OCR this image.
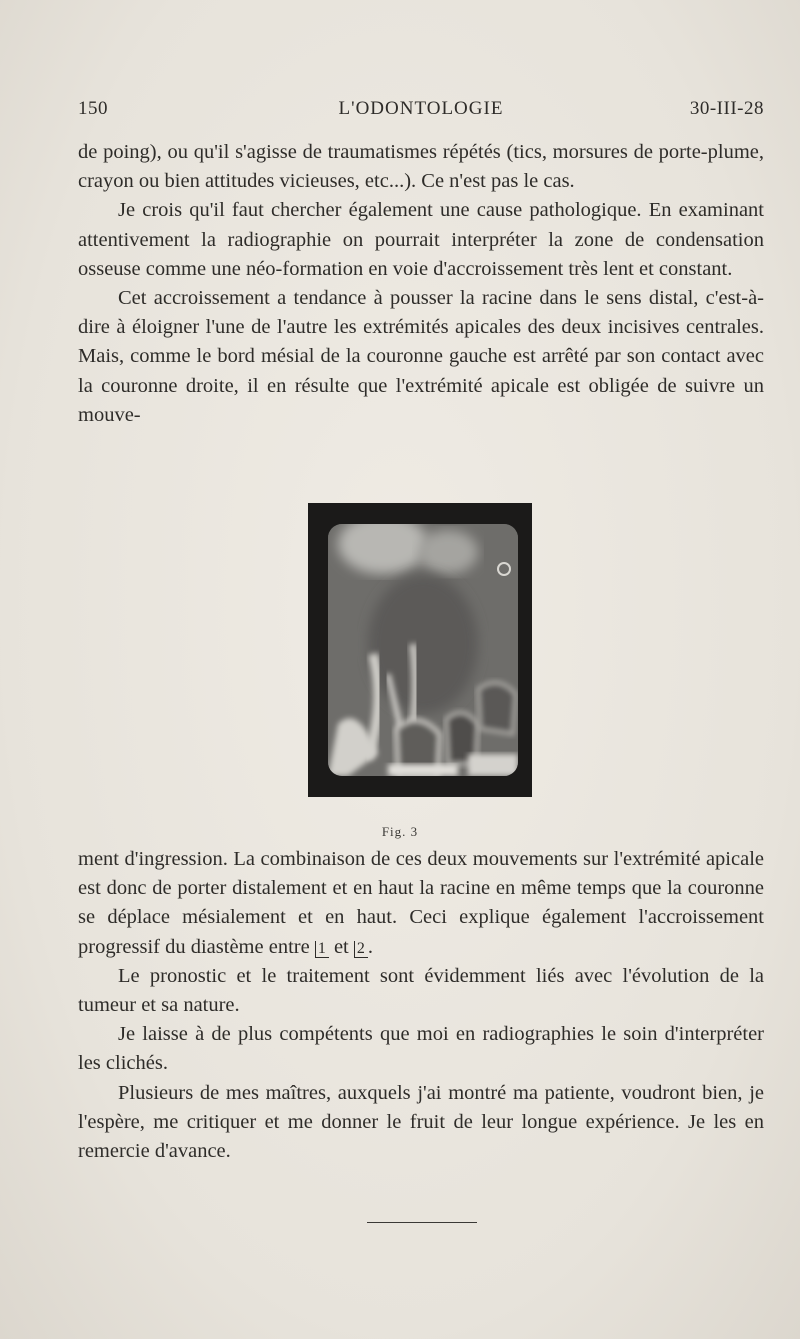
150	L'ODONTOLOGIE	30-III-28

de poing), ou qu'il s'agisse de traumatismes répétés (tics, morsures de porte-plume, crayon ou bien attitudes vicieuses, etc...). Ce n'est pas le cas.

Je crois qu'il faut chercher également une cause pathologique. En examinant attentivement la radiographie on pourrait interpréter la zone de condensation osseuse comme une néo-formation en voie d'accroissement très lent et constant.

Cet accroissement a tendance à pousser la racine dans le sens distal, c'est-à-dire à éloigner l'une de l'autre les extrémités apicales des deux incisives centrales. Mais, comme le bord mésial de la couronne gauche est arrêté par son contact avec la couronne droite, il en résulte que l'extrémité apicale est obligée de suivre un mouve-

Fig. 3

ment d'ingression. La combinaison de ces deux mouvements sur l'extrémité apicale est donc de porter distalement et en haut la racine en même temps que la couronne se déplace mésialement et en haut. Ceci explique également l'accroissement progressif du diastème entre 1 et 2 .

Le pronostic et le traitement sont évidemment liés avec l'évolution de la tumeur et sa nature.

Je laisse à de plus compétents que moi en radiographies le soin d'interpréter les clichés.

Plusieurs de mes maîtres, auxquels j'ai montré ma patiente, voudront bien, je l'espère, me critiquer et me donner le fruit de leur longue expérience. Je les en remercie d'avance.
